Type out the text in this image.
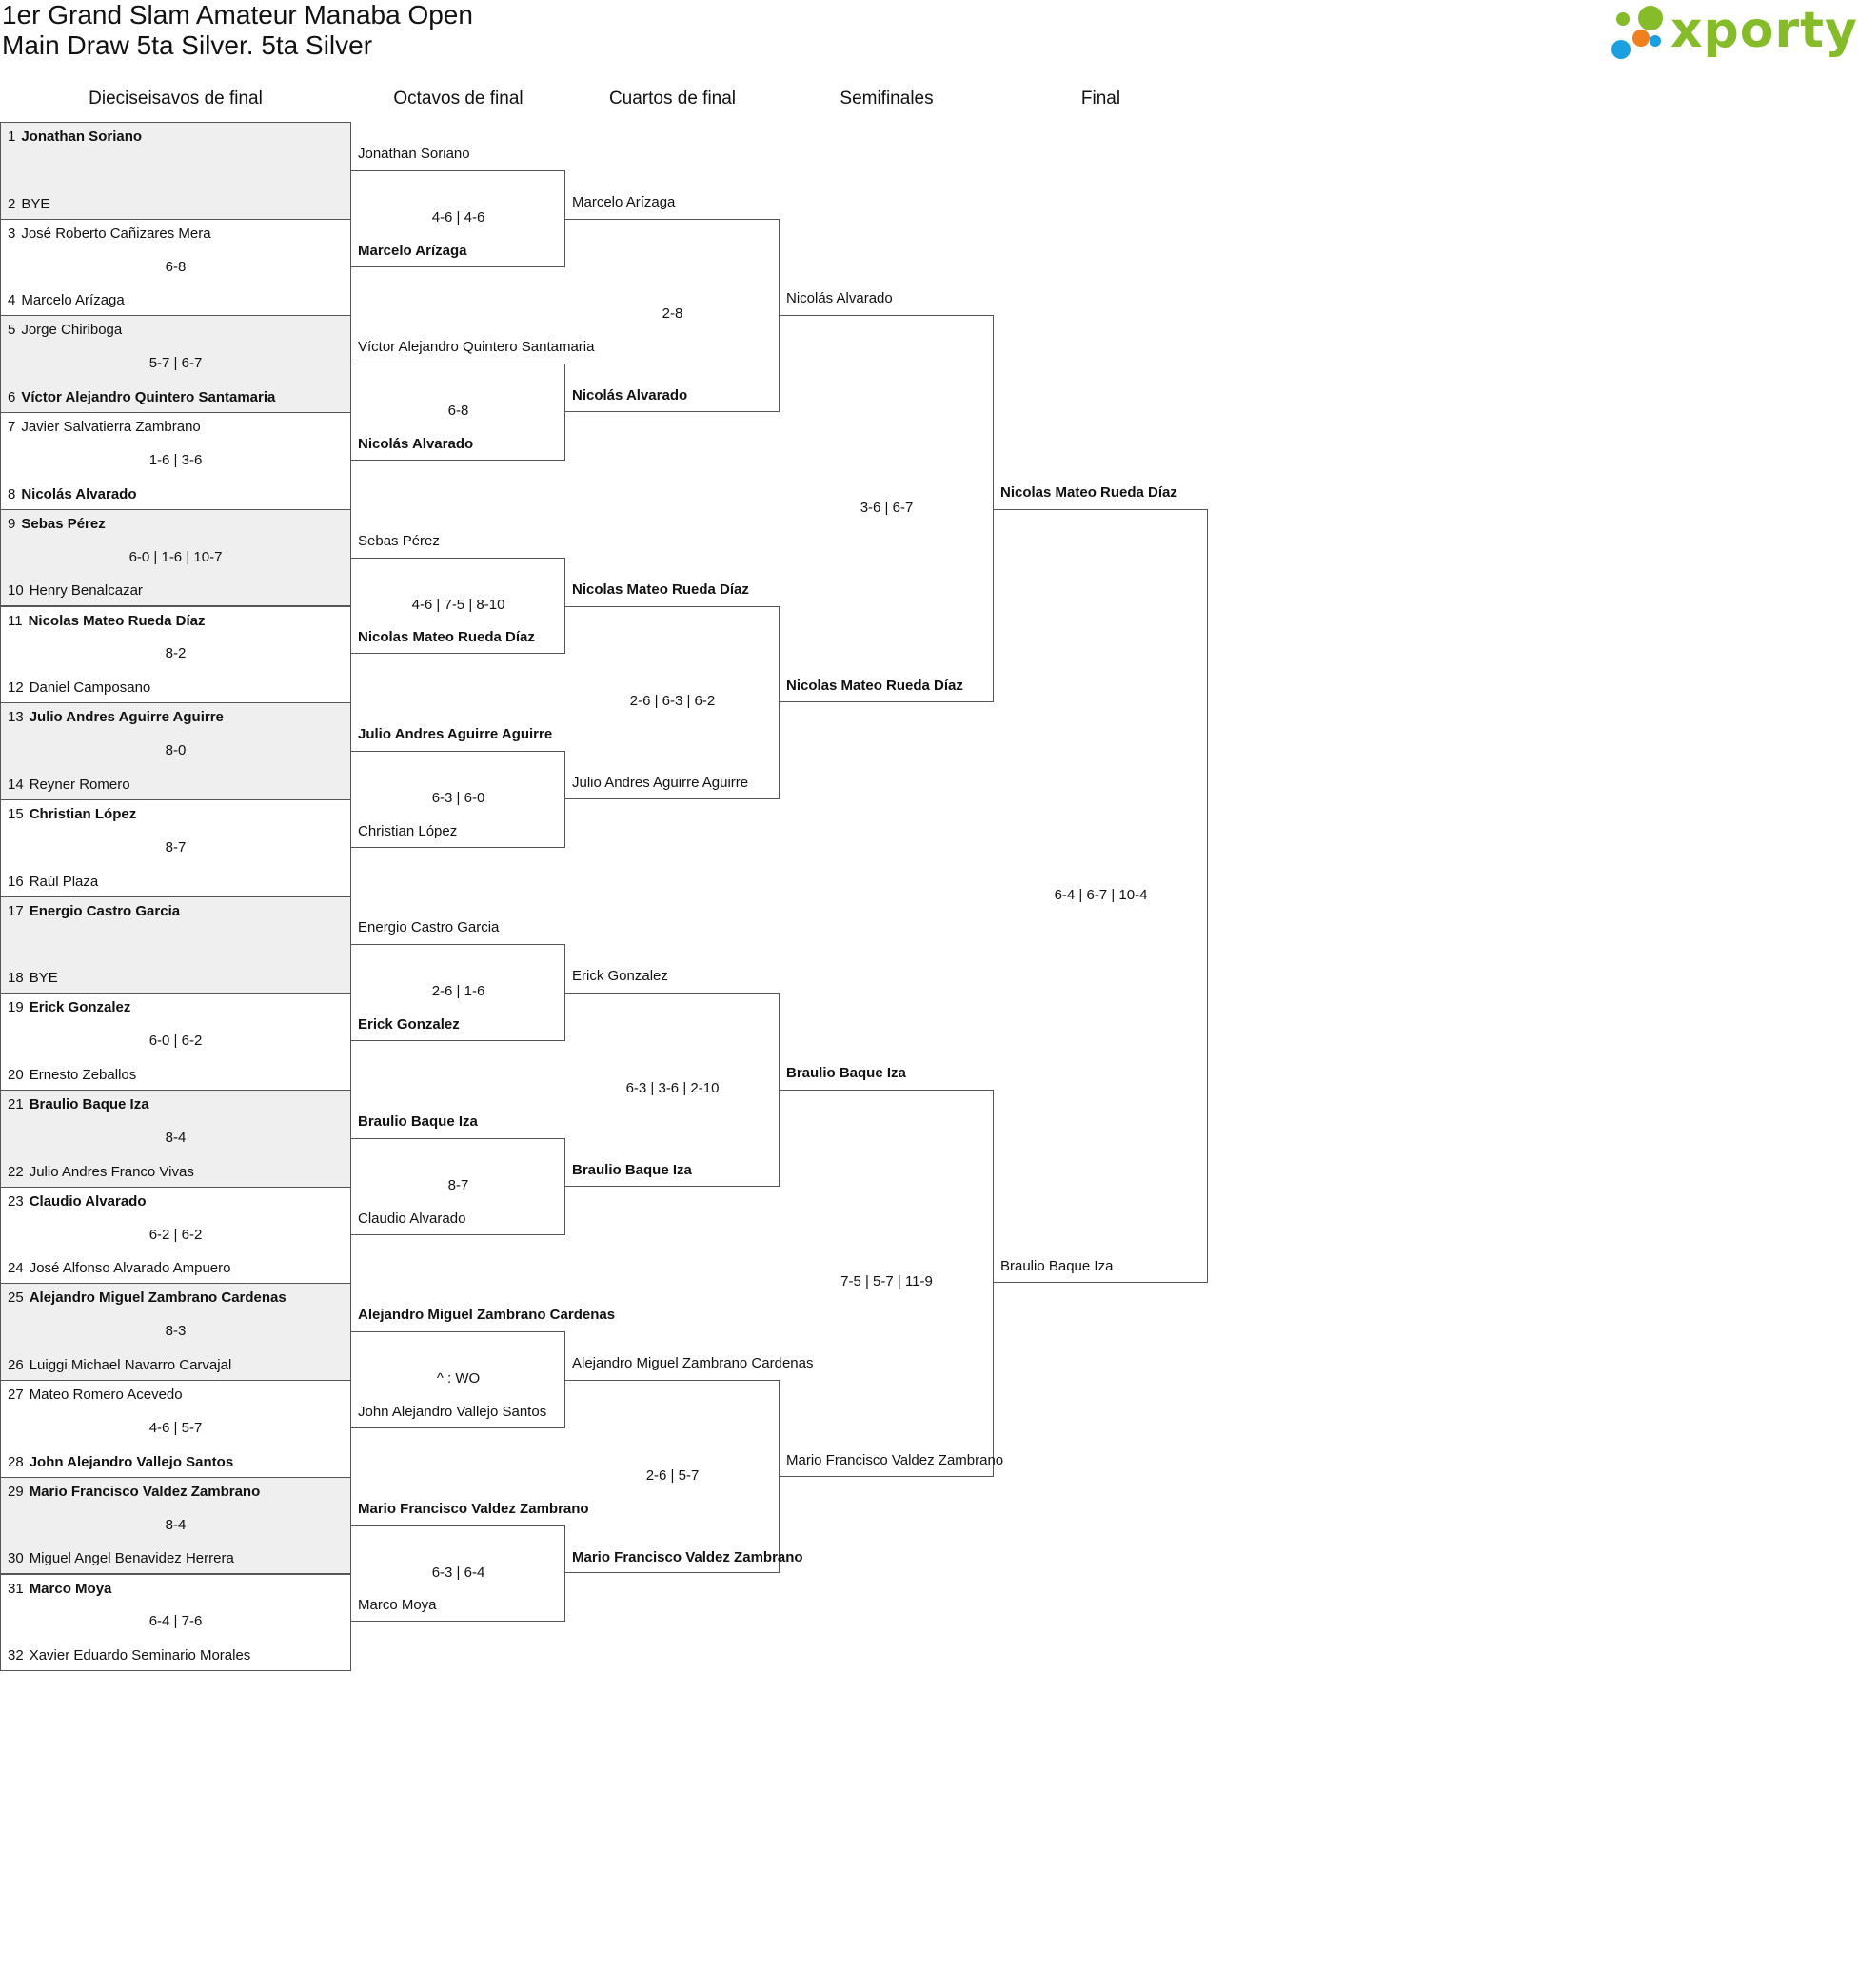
1er Grand Slam Amateur Manaba Open
Main Draw 5ta Silver. 5ta Silver	xporty
Dieciseisavos de final	Octavos de final	Cuartos de final	Semifinales	Final
1 Jonathan Soriano
2 BYE
3 José Roberto Cañizares Mera
4 Marcelo Arízaga
6-8
5 Jorge Chiriboga
6 Víctor Alejandro Quintero Santamaria
5-7 | 6-7
7 Javier Salvatierra Zambrano
8 Nicolás Alvarado
1-6 | 3-6
9 Sebas Pérez
10 Henry Benalcazar
6-0 | 1-6 | 10-7
11 Nicolas Mateo Rueda Díaz
12 Daniel Camposano
8-2
13 Julio Andres Aguirre Aguirre
14 Reyner Romero
8-0
15 Christian López
16 Raúl Plaza
8-7
17 Energio Castro Garcia
18 BYE
19 Erick Gonzalez
20 Ernesto Zeballos
6-0 | 6-2
21 Braulio Baque Iza
22 Julio Andres Franco Vivas
8-4
23 Claudio Alvarado
24 José Alfonso Alvarado Ampuero
6-2 | 6-2
25 Alejandro Miguel Zambrano Cardenas
26 Luiggi Michael Navarro Carvajal
8-3
27 Mateo Romero Acevedo
28 John Alejandro Vallejo Santos
4-6 | 5-7
29 Mario Francisco Valdez Zambrano
30 Miguel Angel Benavidez Herrera
8-4
31 Marco Moya
32 Xavier Eduardo Seminario Morales
6-4 | 7-6
Jonathan Soriano
Marcelo Arízaga
4-6 | 4-6
Víctor Alejandro Quintero Santamaria
Nicolás Alvarado
6-8
Sebas Pérez
Nicolas Mateo Rueda Díaz
4-6 | 7-5 | 8-10
Julio Andres Aguirre Aguirre
Christian López
6-3 | 6-0
Energio Castro Garcia
Erick Gonzalez
2-6 | 1-6
Braulio Baque Iza
Claudio Alvarado
8-7
Alejandro Miguel Zambrano Cardenas
John Alejandro Vallejo Santos
^ : WO
Mario Francisco Valdez Zambrano
Marco Moya
6-3 | 6-4
Marcelo Arízaga
Nicolás Alvarado
2-8
Nicolas Mateo Rueda Díaz
Julio Andres Aguirre Aguirre
2-6 | 6-3 | 6-2
Erick Gonzalez
Braulio Baque Iza
6-3 | 3-6 | 2-10
Alejandro Miguel Zambrano Cardenas
Mario Francisco Valdez Zambrano
2-6 | 5-7
Nicolás Alvarado
Nicolas Mateo Rueda Díaz
3-6 | 6-7
Braulio Baque Iza
Mario Francisco Valdez Zambrano
7-5 | 5-7 | 11-9
Nicolas Mateo Rueda Díaz
Braulio Baque Iza
6-4 | 6-7 | 10-4
